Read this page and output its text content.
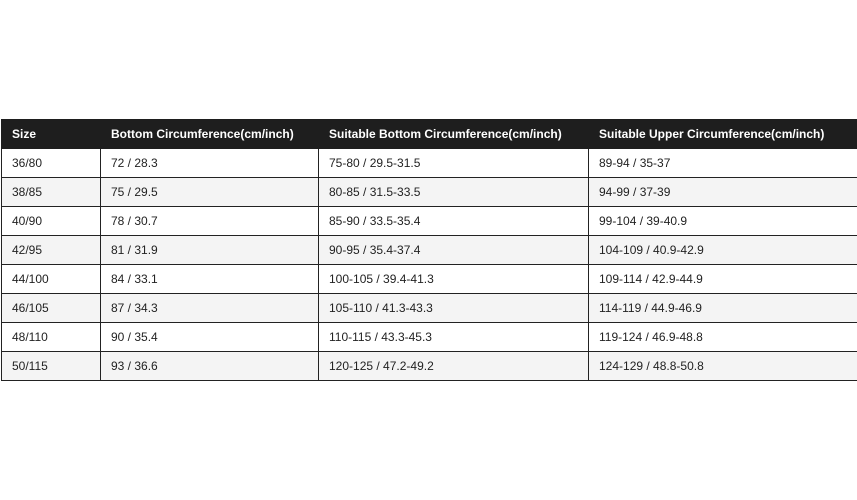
Size	Bottom Circumference(cm/inch)	Suitable Bottom Circumference(cm/inch)	Suitable Upper Circumference(cm/inch)
36/80	72 / 28.3	75-80 / 29.5-31.5	89-94 / 35-37
38/85	75 / 29.5	80-85 / 31.5-33.5	94-99 / 37-39
40/90	78 / 30.7	85-90 / 33.5-35.4	99-104 / 39-40.9
42/95	81 / 31.9	90-95 / 35.4-37.4	104-109 / 40.9-42.9
44/100	84 / 33.1	100-105 / 39.4-41.3	109-114 / 42.9-44.9
46/105	87 / 34.3	105-110 / 41.3-43.3	114-119 / 44.9-46.9
48/110	90 / 35.4	110-115 / 43.3-45.3	119-124 / 46.9-48.8
50/115	93 / 36.6	120-125 / 47.2-49.2	124-129 / 48.8-50.8
